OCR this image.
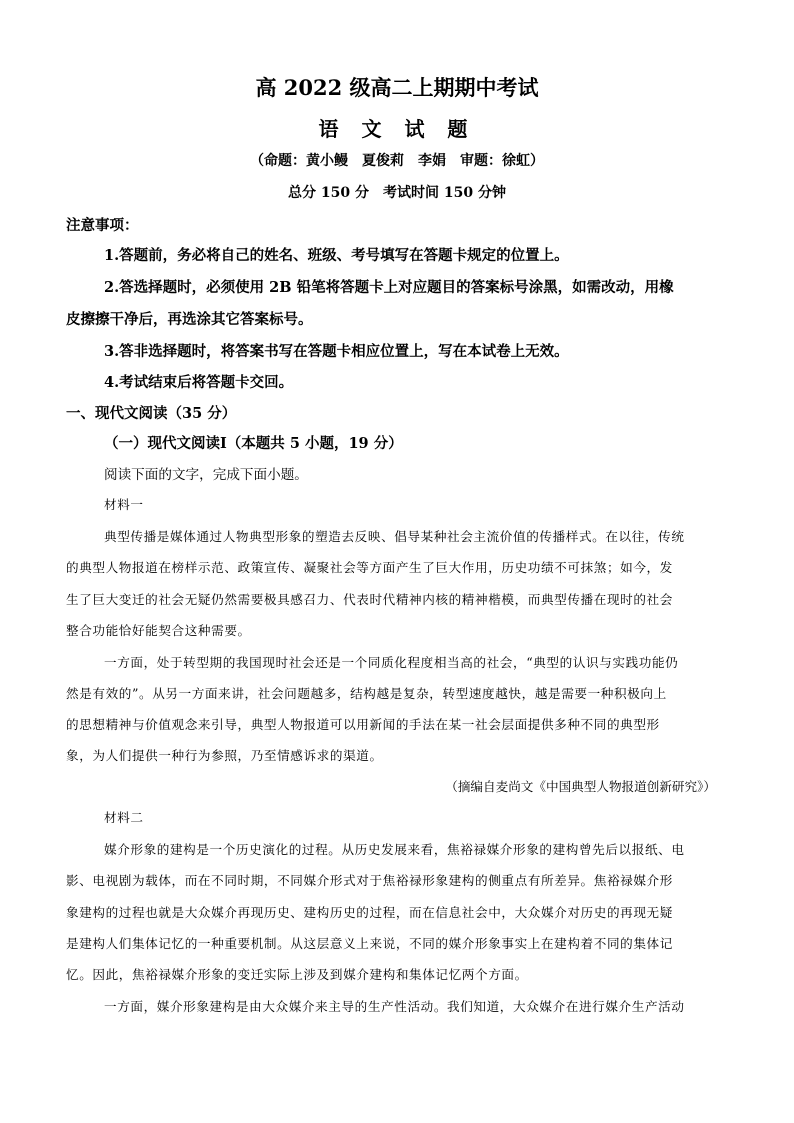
高 2022 级高二上期期中考试
语 文 试 题
（命题：黄小鳗　夏俊莉　李娟　审题：徐虹）
总分 150 分　考试时间 150 分钟
注意事项：
1.答题前，务必将自己的姓名、班级、考号填写在答题卡规定的位置上。
2.答选择题时，必须使用 2B 铅笔将答题卡上对应题目的答案标号涂黑，如需改动，用橡
皮擦擦干净后，再选涂其它答案标号。
3.答非选择题时，将答案书写在答题卡相应位置上，写在本试卷上无效。
4.考试结束后将答题卡交回。
一、现代文阅读（35 分）
（一）现代文阅读Ⅰ（本题共 5 小题，19 分）
阅读下面的文字，完成下面小题。
材料一
典型传播是媒体通过人物典型形象的塑造去反映、倡导某种社会主流价值的传播样式。在以往，传统
的典型人物报道在榜样示范、政策宣传、凝聚社会等方面产生了巨大作用，历史功绩不可抹煞；如今，发
生了巨大变迁的社会无疑仍然需要极具感召力、代表时代精神内核的精神楷模，而典型传播在现时的社会
整合功能恰好能契合这种需要。
一方面，处于转型期的我国现时社会还是一个同质化程度相当高的社会，“典型的认识与实践功能仍
然是有效的”。从另一方面来讲，社会问题越多，结构越是复杂，转型速度越快，越是需要一种积极向上
的思想精神与价值观念来引导，典型人物报道可以用新闻的手法在某一社会层面提供多种不同的典型形
象，为人们提供一种行为参照，乃至情感诉求的渠道。
（摘编自麦尚文《中国典型人物报道创新研究》）
材料二
媒介形象的建构是一个历史演化的过程。从历史发展来看，焦裕禄媒介形象的建构曾先后以报纸、电
影、电视剧为载体，而在不同时期，不同媒介形式对于焦裕禄形象建构的侧重点有所差异。焦裕禄媒介形
象建构的过程也就是大众媒介再现历史、建构历史的过程，而在信息社会中，大众媒介对历史的再现无疑
是建构人们集体记忆的一种重要机制。从这层意义上来说，不同的媒介形象事实上在建构着不同的集体记
忆。因此，焦裕禄媒介形象的变迁实际上涉及到媒介建构和集体记忆两个方面。
一方面，媒介形象建构是由大众媒介来主导的生产性活动。我们知道，大众媒介在进行媒介生产活动
